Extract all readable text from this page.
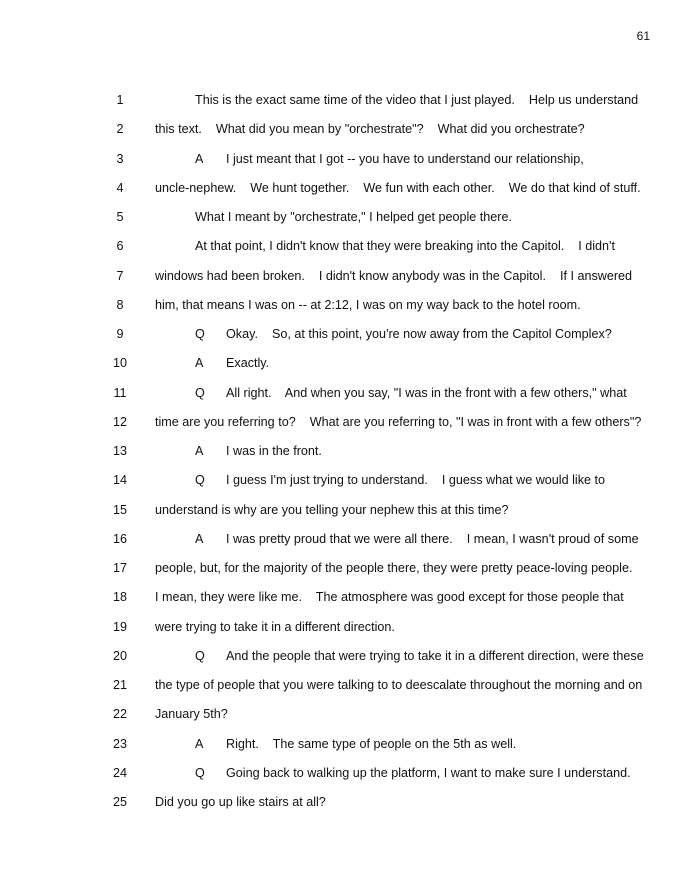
61
1	This is the exact same time of the video that I just played.    Help us understand
2	this text.    What did you mean by "orchestrate"?    What did you orchestrate?
3	A I just meant that I got -- you have to understand our relationship,
4	uncle-nephew.    We hunt together.    We fun with each other.    We do that kind of stuff.
5	What I meant by "orchestrate," I helped get people there.
6	At that point, I didn't know that they were breaking into the Capitol.    I didn't
7	windows had been broken.    I didn't know anybody was in the Capitol.    If I answered
8	him, that means I was on -- at 2:12, I was on my way back to the hotel room.
9	Q Okay.    So, at this point, you're now away from the Capitol Complex?
10	A Exactly.
11	Q All right.    And when you say, "I was in the front with a few others," what
12 time are you referring to?    What are you referring to, "I was in front with a few others"?
13	A I was in the front.
14	Q I guess I'm just trying to understand.    I guess what we would like to
15 understand is why are you telling your nephew this at this time?
16	A I was pretty proud that we were all there.    I mean, I wasn't proud of some
17 people, but, for the majority of the people there, they were pretty peace-loving people.
18 I mean, they were like me.    The atmosphere was good except for those people that
19 were trying to take it in a different direction.
20	Q And the people that were trying to take it in a different direction, were these
21 the type of people that you were talking to to deescalate throughout the morning and on
22 January 5th?
23	A Right.    The same type of people on the 5th as well.
24	Q Going back to walking up the platform, I want to make sure I understand.
25 Did you go up like stairs at all?
